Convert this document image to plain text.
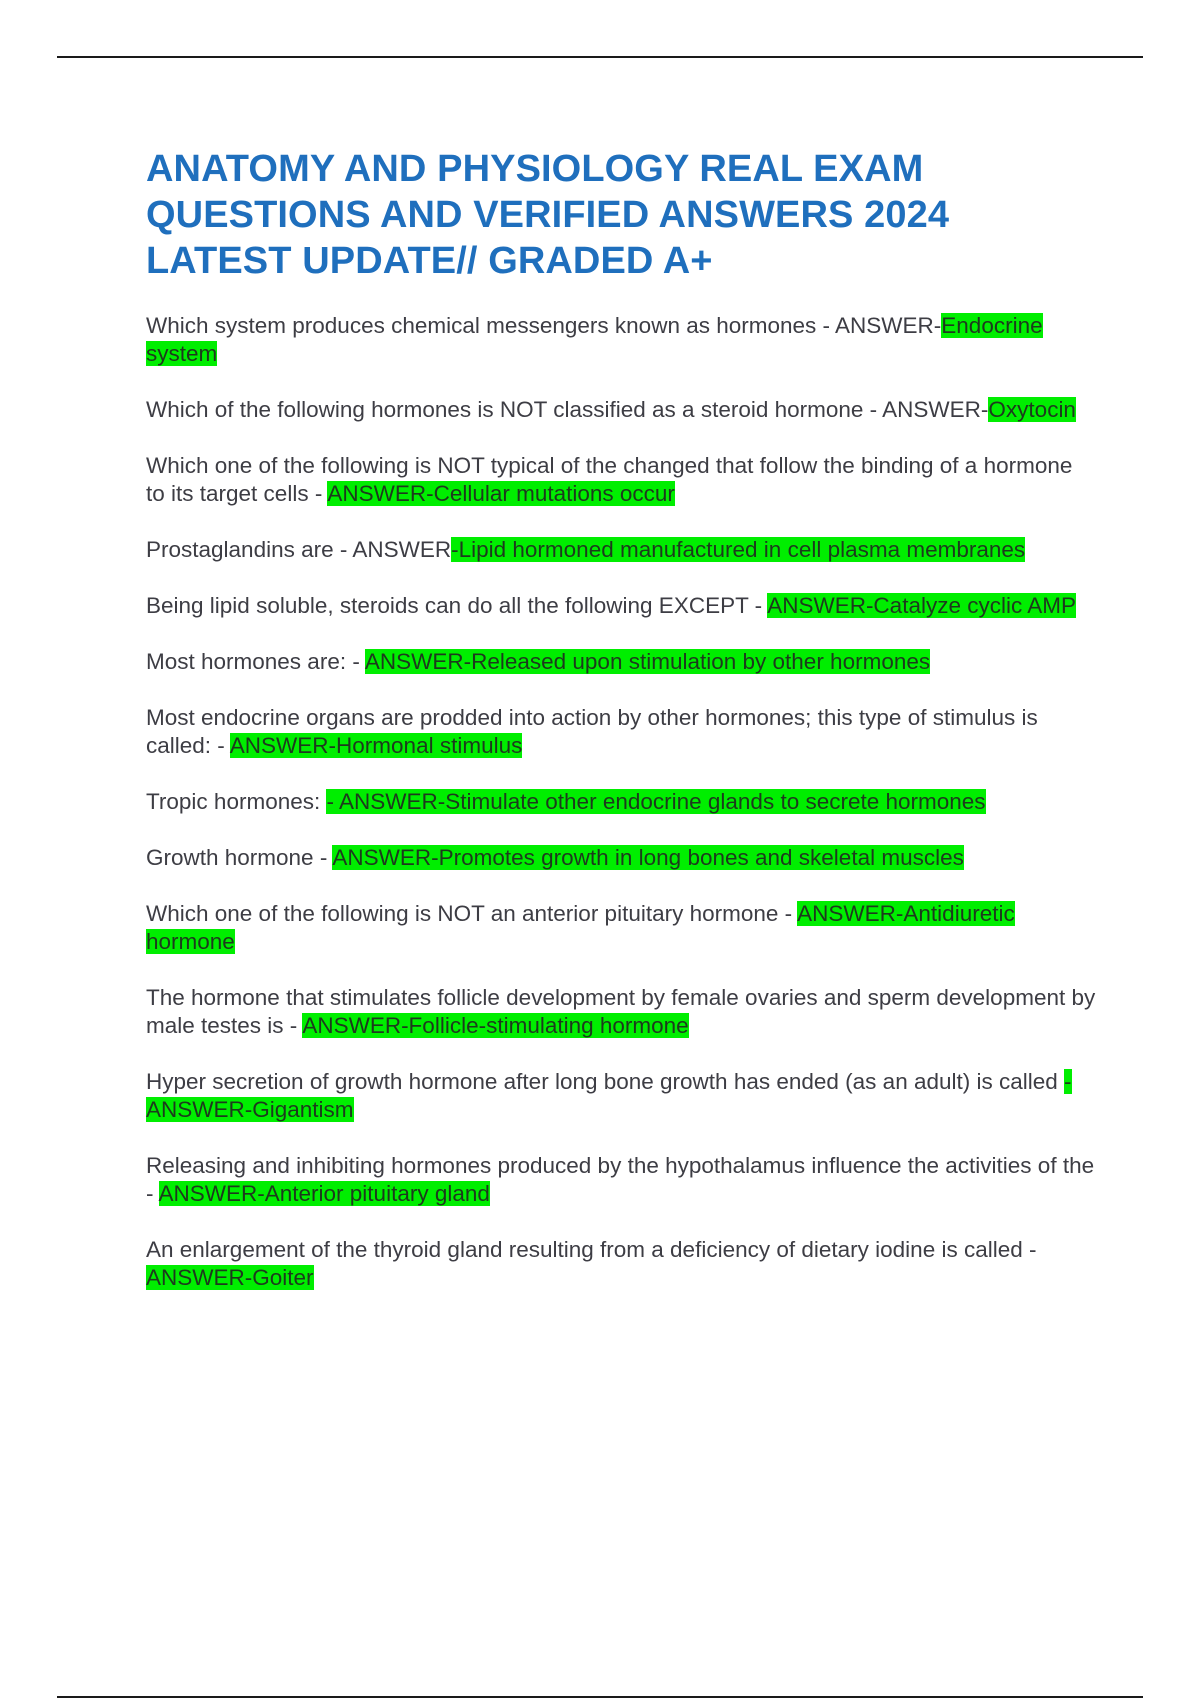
ANATOMY AND PHYSIOLOGY REAL EXAM QUESTIONS AND VERIFIED ANSWERS 2024 LATEST UPDATE// GRADED A+

Which system produces chemical messengers known as hormones - ANSWER-Endocrine system

Which of the following hormones is NOT classified as a steroid hormone - ANSWER-Oxytocin

Which one of the following is NOT typical of the changed that follow the binding of a hormone to its target cells - ANSWER-Cellular mutations occur

Prostaglandins are - ANSWER-Lipid hormoned manufactured in cell plasma membranes

Being lipid soluble, steroids can do all the following EXCEPT - ANSWER-Catalyze cyclic AMP

Most hormones are: - ANSWER-Released upon stimulation by other hormones

Most endocrine organs are prodded into action by other hormones; this type of stimulus is called: - ANSWER-Hormonal stimulus

Tropic hormones: - ANSWER-Stimulate other endocrine glands to secrete hormones

Growth hormone - ANSWER-Promotes growth in long bones and skeletal muscles

Which one of the following is NOT an anterior pituitary hormone - ANSWER-Antidiuretic hormone

The hormone that stimulates follicle development by female ovaries and sperm development by male testes is - ANSWER-Follicle-stimulating hormone

Hyper secretion of growth hormone after long bone growth has ended (as an adult) is called - ANSWER-Gigantism

Releasing and inhibiting hormones produced by the hypothalamus influence the activities of the - ANSWER-Anterior pituitary gland

An enlargement of the thyroid gland resulting from a deficiency of dietary iodine is called - ANSWER-Goiter
